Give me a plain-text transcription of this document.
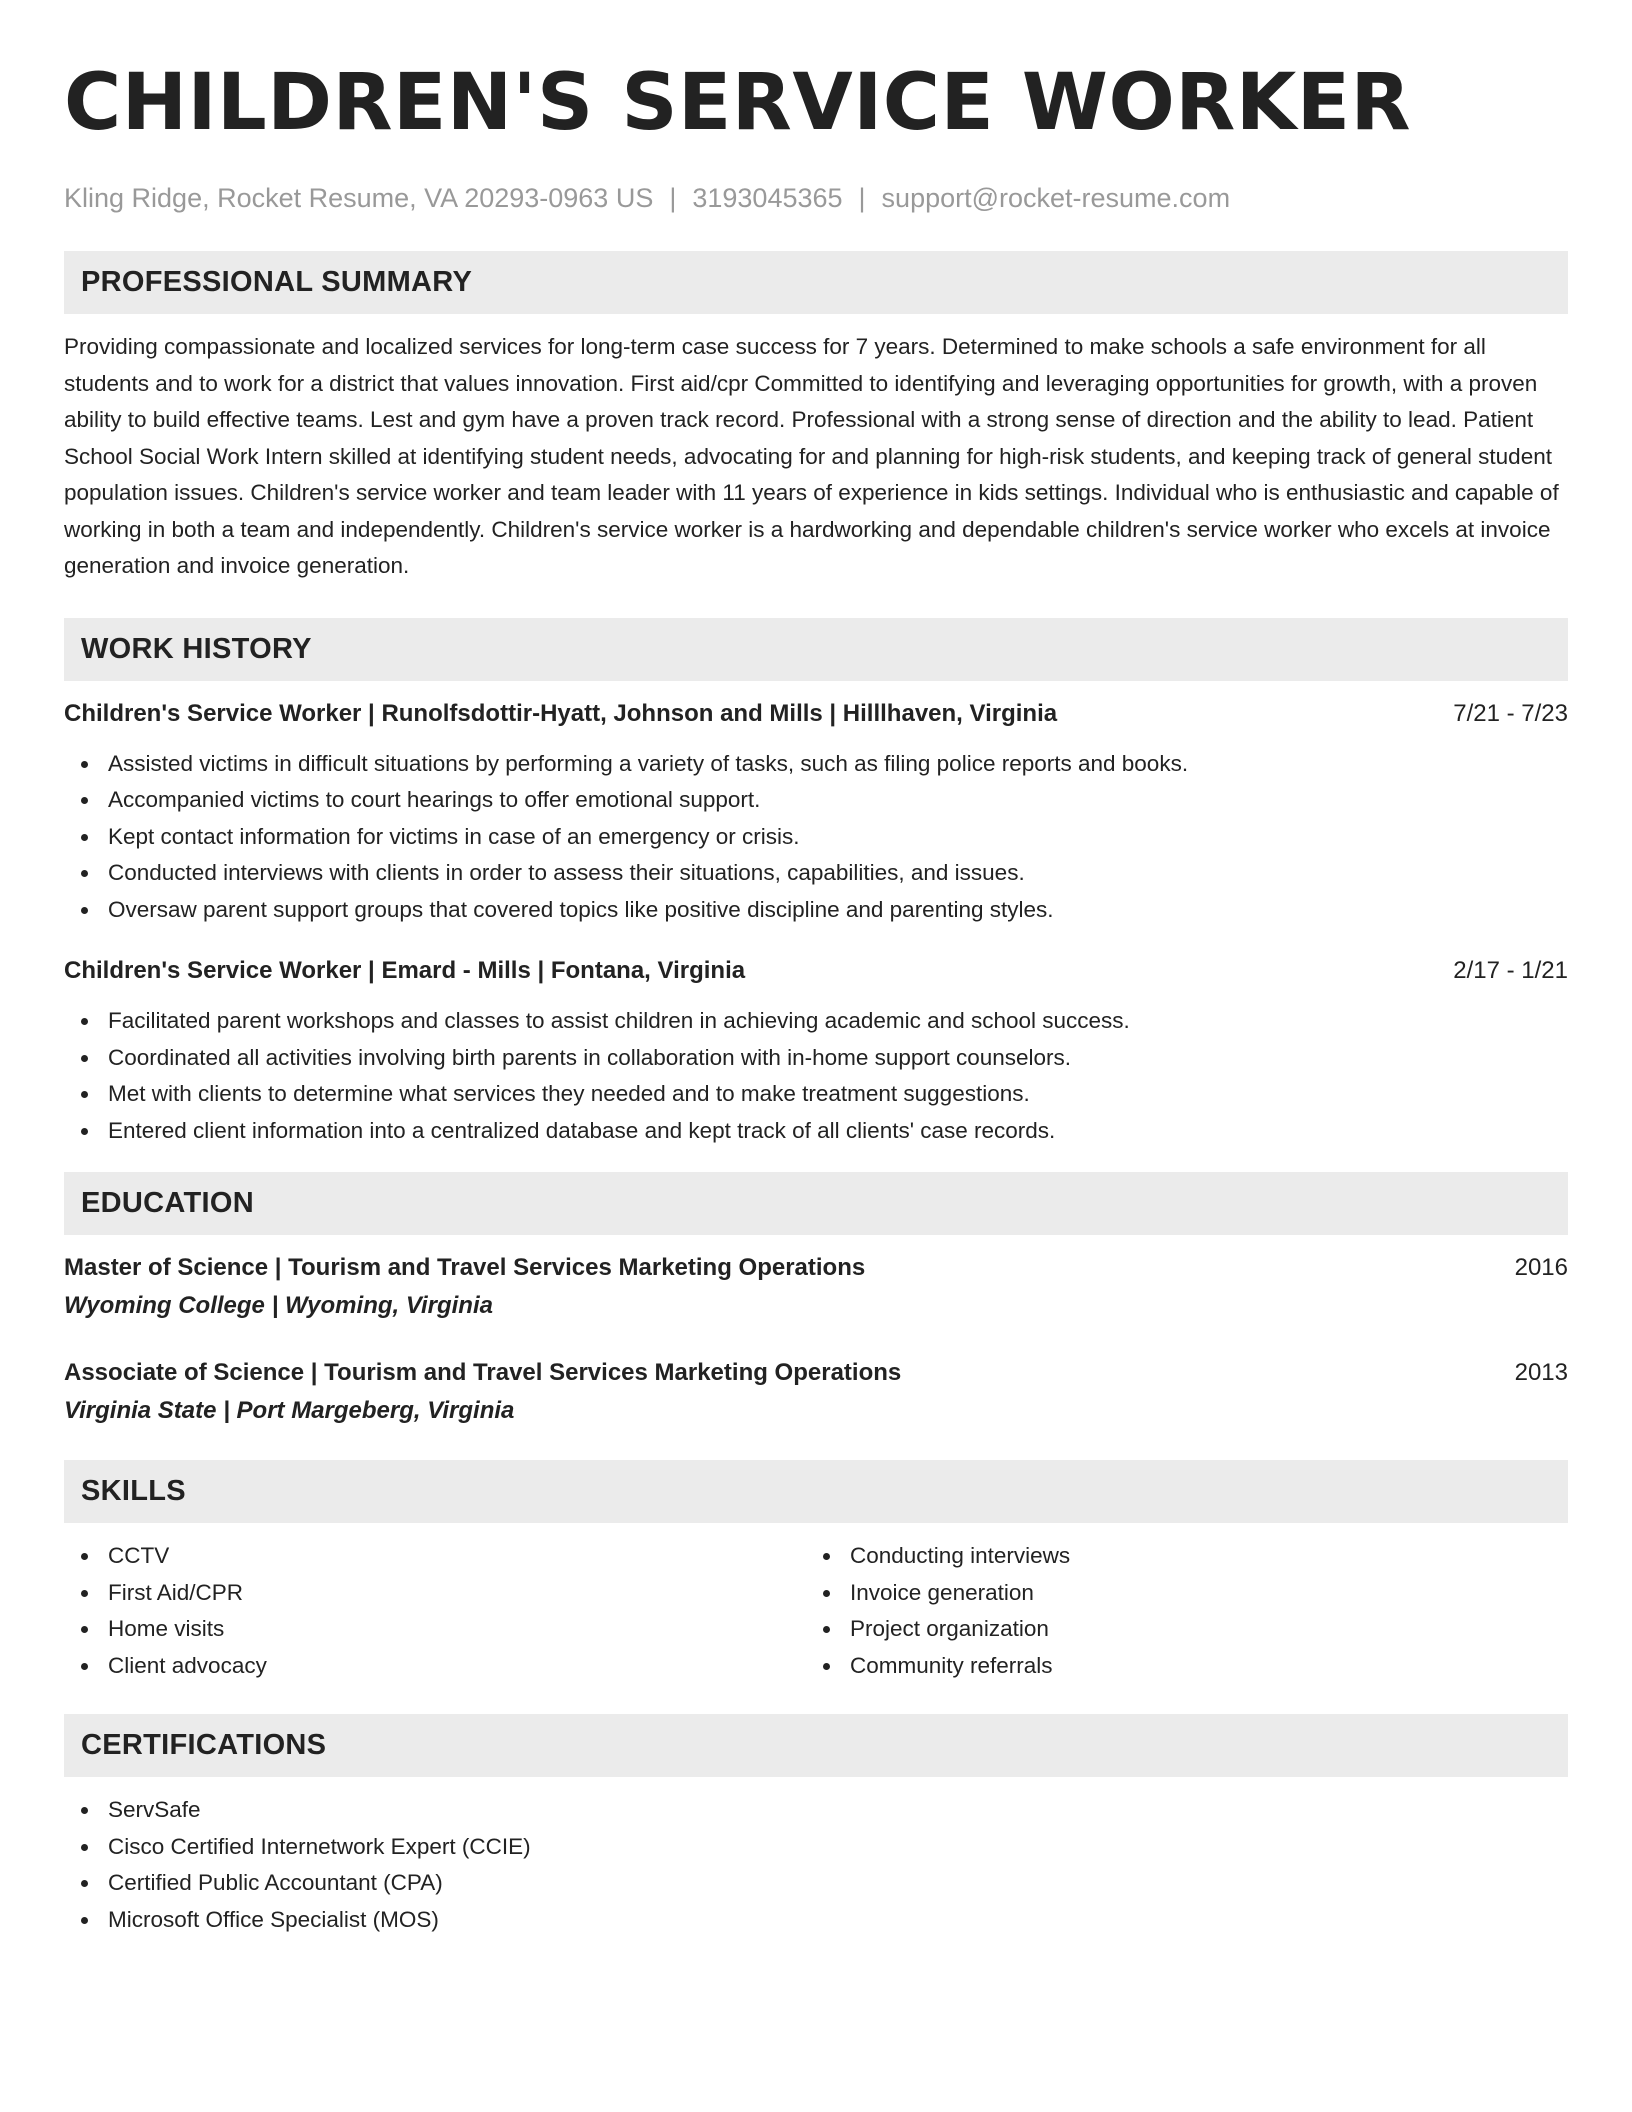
CHILDREN'S SERVICE WORKER
Kling Ridge, Rocket Resume, VA 20293-0963 US | 3193045365 | support@rocket-resume.com
PROFESSIONAL SUMMARY

Providing compassionate and localized services for long-term case success for 7 years. Determined to make schools a safe environment for all students and to work for a district that values innovation. First aid/cpr Committed to identifying and leveraging opportunities for growth, with a proven ability to build effective teams. Lest and gym have a proven track record. Professional with a strong sense of direction and the ability to lead. Patient School Social Work Intern skilled at identifying student needs, advocating for and planning for high-risk students, and keeping track of general student population issues. Children's service worker and team leader with 11 years of experience in kids settings. Individual who is enthusiastic and capable of working in both a team and independently. Children's service worker is a hardworking and dependable children's service worker who excels at invoice generation and invoice generation.

WORK HISTORY
Children's Service Worker | Runolfsdottir-Hyatt, Johnson and Mills | Hilllhaven, Virginia	7/21 - 7/23
Assisted victims in difficult situations by performing a variety of tasks, such as filing police reports and books.
Accompanied victims to court hearings to offer emotional support.
Kept contact information for victims in case of an emergency or crisis.
Conducted interviews with clients in order to assess their situations, capabilities, and issues.
Oversaw parent support groups that covered topics like positive discipline and parenting styles.
Children's Service Worker | Emard - Mills | Fontana, Virginia	2/17 - 1/21
Facilitated parent workshops and classes to assist children in achieving academic and school success.
Coordinated all activities involving birth parents in collaboration with in-home support counselors.
Met with clients to determine what services they needed and to make treatment suggestions.
Entered client information into a centralized database and kept track of all clients' case records.
EDUCATION
Master of Science | Tourism and Travel Services Marketing Operations	2016
Wyoming College | Wyoming, Virginia
Associate of Science | Tourism and Travel Services Marketing Operations	2013
Virginia State | Port Margeberg, Virginia
SKILLS
CCTV
First Aid/CPR
Home visits
Client advocacy
Conducting interviews
Invoice generation
Project organization
Community referrals
CERTIFICATIONS
ServSafe
Cisco Certified Internetwork Expert (CCIE)
Certified Public Accountant (CPA)
Microsoft Office Specialist (MOS)
